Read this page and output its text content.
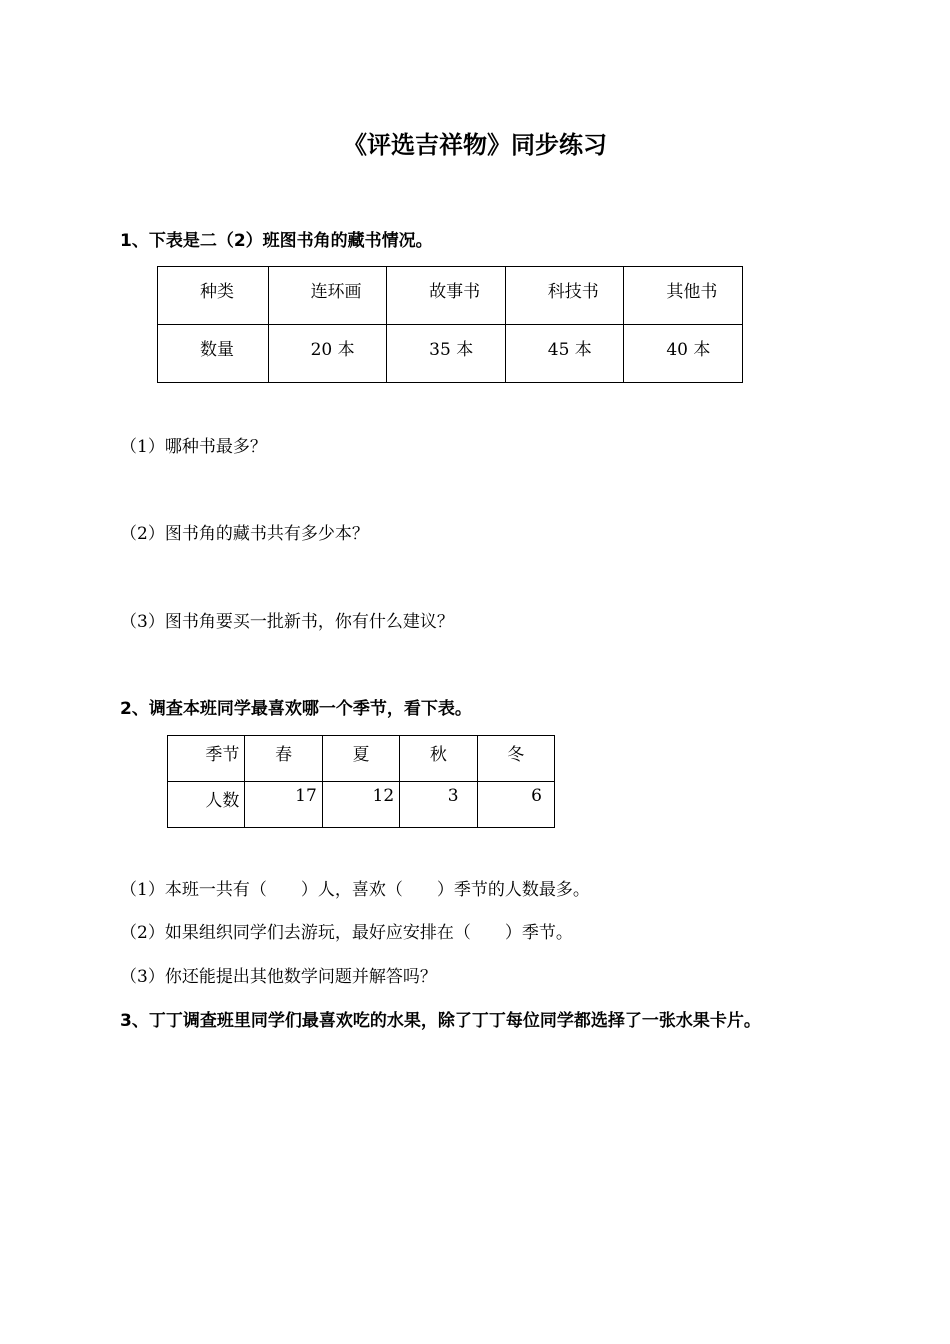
《评选吉祥物》同步练习
1、下表是二（2）班图书角的藏书情况。
种类	连环画	故事书	科技书	其他书
数量	20 本	35 本	45 本	40 本
（1）哪种书最多？
（2）图书角的藏书共有多少本？
（3）图书角要买一批新书，你有什么建议？
2、调查本班同学最喜欢哪一个季节，看下表。
季节	春	夏	秋	冬
人数	17	12	3	6
（1）本班一共有（　　）人，喜欢（　　）季节的人数最多。
（2）如果组织同学们去游玩，最好应安排在（　　）季节。
（3）你还能提出其他数学问题并解答吗？
3、丁丁调查班里同学们最喜欢吃的水果，除了丁丁每位同学都选择了一张水果卡片。
